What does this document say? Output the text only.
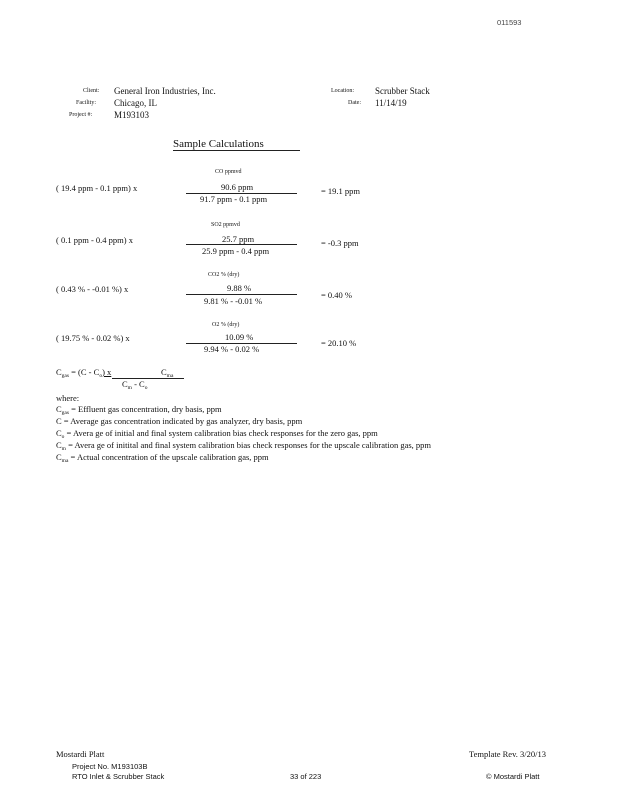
011593
Client: General Iron Industries, Inc.
Facility: Chicago, IL
Project #: M193103
Location: Scrubber Stack
Date: 11/14/19
Sample Calculations
CO ppmvd
( 19.4 ppm - 0.1 ppm) x	90.6 ppm
91.7 ppm - 0.1 ppm
= 19.1 ppm
SO2 ppmvd
( 0.1 ppm - 0.4 ppm) x	25.7 ppm
25.9 ppm - 0.4 ppm
= -0.3 ppm
CO2 % (dry)
( 0.43 % - -0.01 %) x	9.88 %
9.81 % - -0.01 %
= 0.40 %
O2 % (dry)
( 19.75 % - 0.02 %) x	10.09 %
9.94 % - 0.02 %
= 20.10 %
$C_{gas} = (C - C_o)$ x	$C_{ma}$
$C_m - C_o$
where:
$C_{gas}$ = Effluent gas concentration, dry basis, ppm
C = Average gas concentration indicated by gas analyzer, dry basis, ppm
$C_o$ = Avera ge of initial and final system calibration bias check responses for the zero gas, ppm
$C_m$ = Avera ge of initital and final system calibration bias check responses for the upscale calibration gas, ppm
$C_{ma}$ = Actual concentration of the upscale calibration gas, ppm
Mostardi Platt	Template Rev. 3/20/13
Project No. M193103B
RTO Inlet & Scrubber Stack	33 of 223	© Mostardi Platt
